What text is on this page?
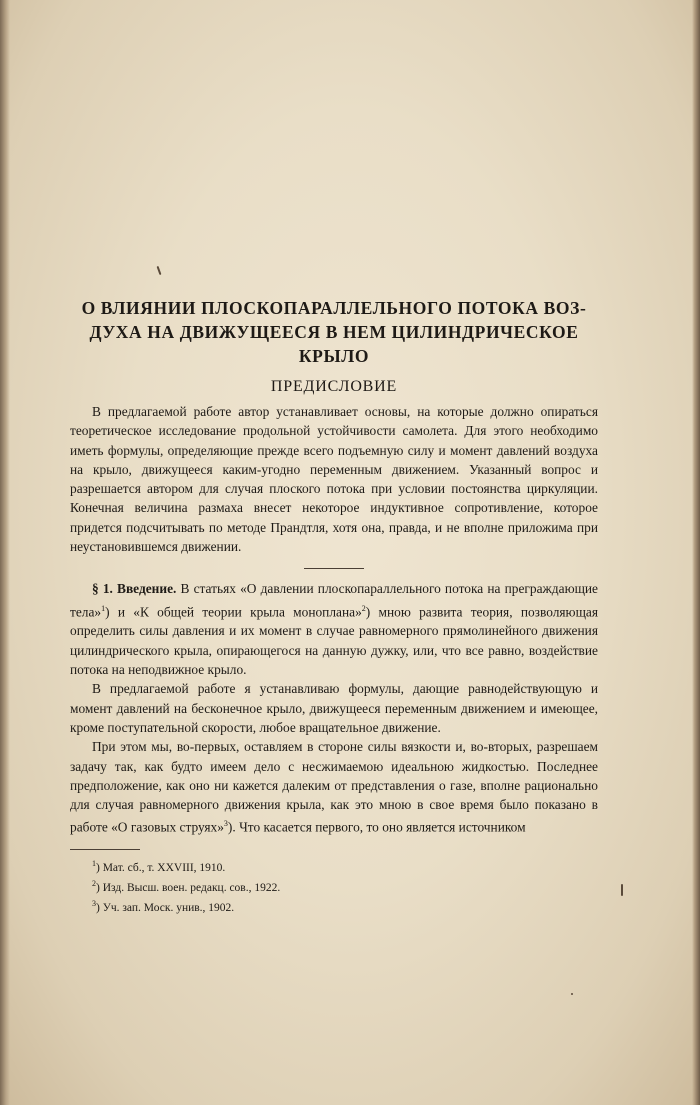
О ВЛИЯНИИ ПЛОСКОПАРАЛЛЕЛЬНОГО ПОТОКА ВОЗ-
ДУХА НА ДВИЖУЩЕЕСЯ В НЕМ ЦИЛИНДРИЧЕСКОЕ
КРЫЛО
ПРЕДИСЛОВИЕ

В предлагаемой работе автор устанавливает основы, на которые должно опираться теоретическое исследование продольной устойчивости самолета. Для этого необходимо иметь формулы, определяющие прежде всего подъемную силу и момент давлений воздуха на крыло, движущееся каким-угодно переменным движением. Указанный вопрос и разрешается автором для случая плоского потока при условии постоянства циркуляции. Конечная величина размаха внесет некоторое индуктивное сопротивление, которое придется подсчитывать по методе Прандтля, хотя она, правда, и не вполне приложима при неустановившемся движении.

§ 1. Введение. В статьях «О давлении плоскопараллельного потока на преграждающие тела»$^1$) и «К общей теории крыла моноплана»$^2$) мною развита теория, позволяющая определить силы давления и их момент в случае равномерного прямолинейного движения цилиндрического крыла, опирающегося на данную дужку, или, что все равно, воздействие потока на неподвижное крыло.

В предлагаемой работе я устанавливаю формулы, дающие равнодействующую и момент давлений на бесконечное крыло, движущееся переменным движением и имеющее, кроме поступательной скорости, любое вращательное движение.

При этом мы, во-первых, оставляем в стороне силы вязкости и, во-вторых, разрешаем задачу так, как будто имеем дело с несжимаемою идеальною жидкостью. Последнее предположение, как оно ни кажется далеким от представления о газе, вполне рационально для случая равномерного движения крыла, как это мною в свое время было показано в работе «О газовых струях»$^3$). Что касается первого, то оно является источником

$^1$) Мат. сб., т. XXVIII, 1910.

$^2$) Изд. Высш. воен. редакц. сов., 1922.

$^3$) Уч. зап. Моск. унив., 1902.
